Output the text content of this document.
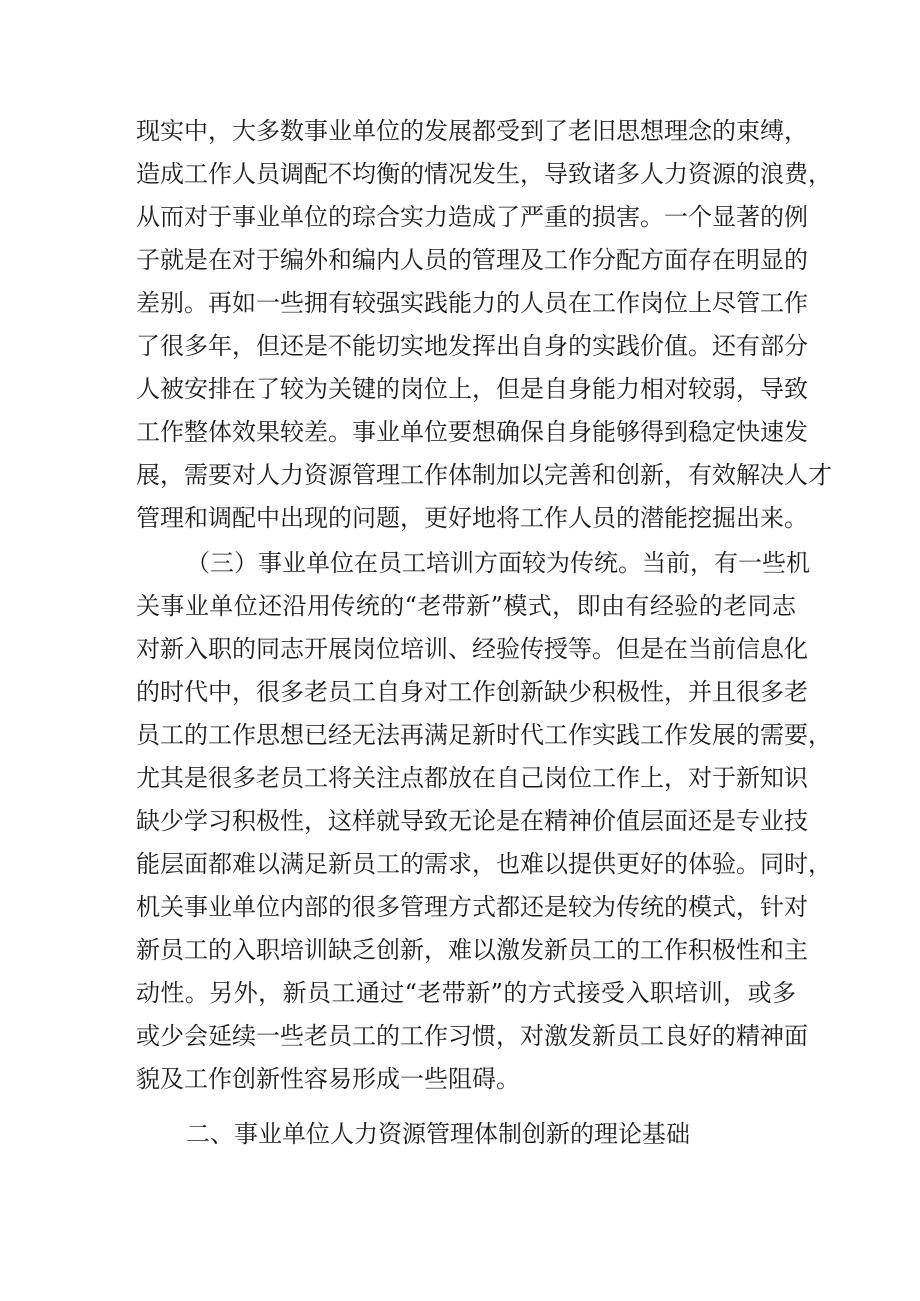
现实中，大多数事业单位的发展都受到了老旧思想理念的束缚，
造成工作人员调配不均衡的情况发生，导致诸多人力资源的浪费，
从而对于事业单位的琮合实力造成了严重的损害。一个显著的例
子就是在对于编外和编内人员的管理及工作分配方面存在明显的
差别。再如一些拥有较强实践能力的人员在工作岗位上尽管工作
了很多年，但还是不能切实地发挥出自身的实践价值。还有部分
人被安排在了较为关键的岗位上，但是自身能力相对较弱，导致
工作整体效果较差。事业单位要想确保自身能够得到稳定快速发
展，需要对人力资源管理工作体制加以完善和创新，有效解决人才
管理和调配中出现的问题，更好地将工作人员的潜能挖掘出来。
（三）事业单位在员工培训方面较为传统。当前，有一些机
关事业单位还沿用传统的“老带新”模式，即由有经验的老同志
对新入职的同志开展岗位培训、经验传授等。但是在当前信息化
的时代中，很多老员工自身对工作创新缺少积极性，并且很多老
员工的工作思想已经无法再满足新时代工作实践工作发展的需要，
尤其是很多老员工将关注点都放在自己岗位工作上，对于新知识
缺少学习积极性，这样就导致无论是在精神价值层面还是专业技
能层面都难以满足新员工的需求，也难以提供更好的体验。同时，
机关事业单位内部的很多管理方式都还是较为传统的模式，针对
新员工的入职培训缺乏创新，难以激发新员工的工作积极性和主
动性。另外，新员工通过“老带新”的方式接受入职培训，或多
或少会延续一些老员工的工作习惯，对激发新员工良好的精神面
貌及工作创新性容易形成一些阻碍。
二、事业单位人力资源管理体制创新的理论基础
